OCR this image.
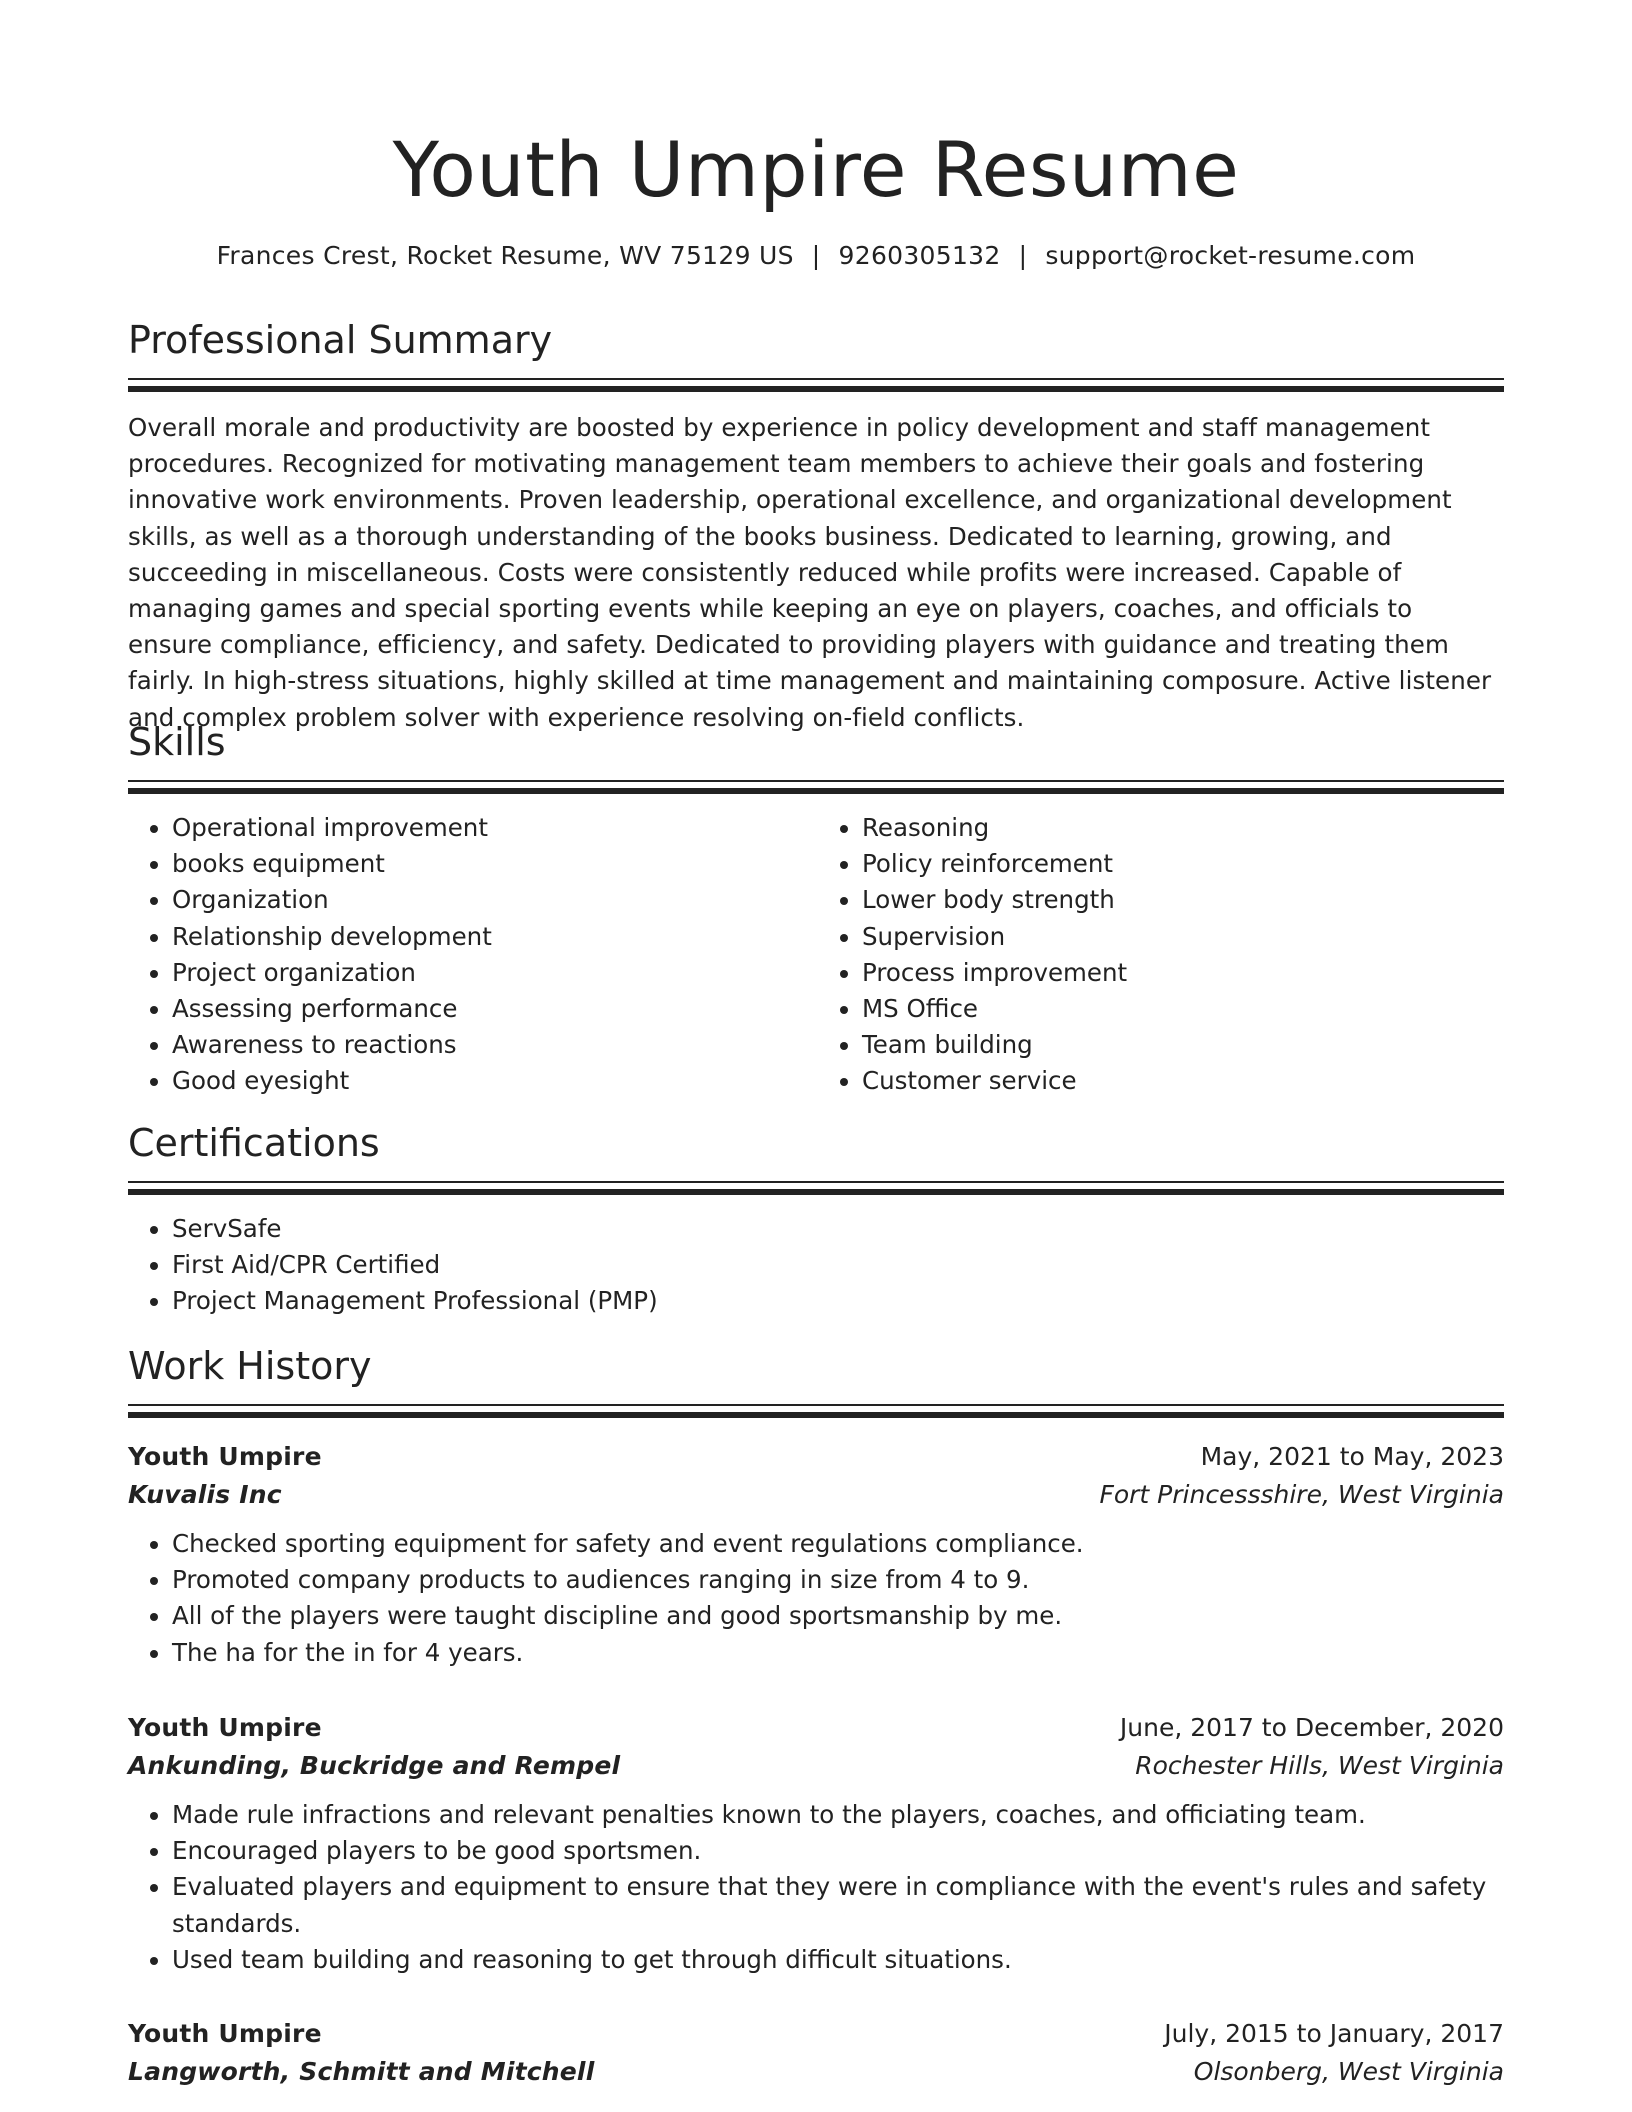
Youth Umpire Resume
Frances Crest, Rocket Resume, WV 75129 US | 9260305132 | support@rocket-resume.com
Professional Summary

Overall morale and productivity are boosted by experience in policy development and staff management procedures. Recognized for motivating management team members to achieve their goals and fostering innovative work environments. Proven leadership, operational excellence, and organizational development skills, as well as a thorough understanding of the books business. Dedicated to learning, growing, and succeeding in miscellaneous. Costs were consistently reduced while profits were increased. Capable of managing games and special sporting events while keeping an eye on players, coaches, and officials to ensure compliance, efficiency, and safety. Dedicated to providing players with guidance and treating them fairly. In high-stress situations, highly skilled at time management and maintaining composure. Active listener and complex problem solver with experience resolving on-field conflicts.

Skills
• Operational improvement
• books equipment
• Organization
• Relationship development
• Project organization
• Assessing performance
• Awareness to reactions
• Good eyesight
• Reasoning
• Policy reinforcement
• Lower body strength
• Supervision
• Process improvement
• MS Office
• Team building
• Customer service
Certifications
• ServSafe
• First Aid/CPR Certified
• Project Management Professional (PMP)
Work History
Youth Umpire	May, 2021 to May, 2023
Kuvalis Inc	Fort Princessshire, West Virginia
• Checked sporting equipment for safety and event regulations compliance.
• Promoted company products to audiences ranging in size from 4 to 9.
• All of the players were taught discipline and good sportsmanship by me.
• The ha for the in for 4 years.
Youth Umpire	June, 2017 to December, 2020
Ankunding, Buckridge and Rempel	Rochester Hills, West Virginia
• Made rule infractions and relevant penalties known to the players, coaches, and officiating team.
• Encouraged players to be good sportsmen.
• Evaluated players and equipment to ensure that they were in compliance with the event's rules and safety standards.
• Used team building and reasoning to get through difficult situations.
Youth Umpire	July, 2015 to January, 2017
Langworth, Schmitt and Mitchell	Olsonberg, West Virginia
